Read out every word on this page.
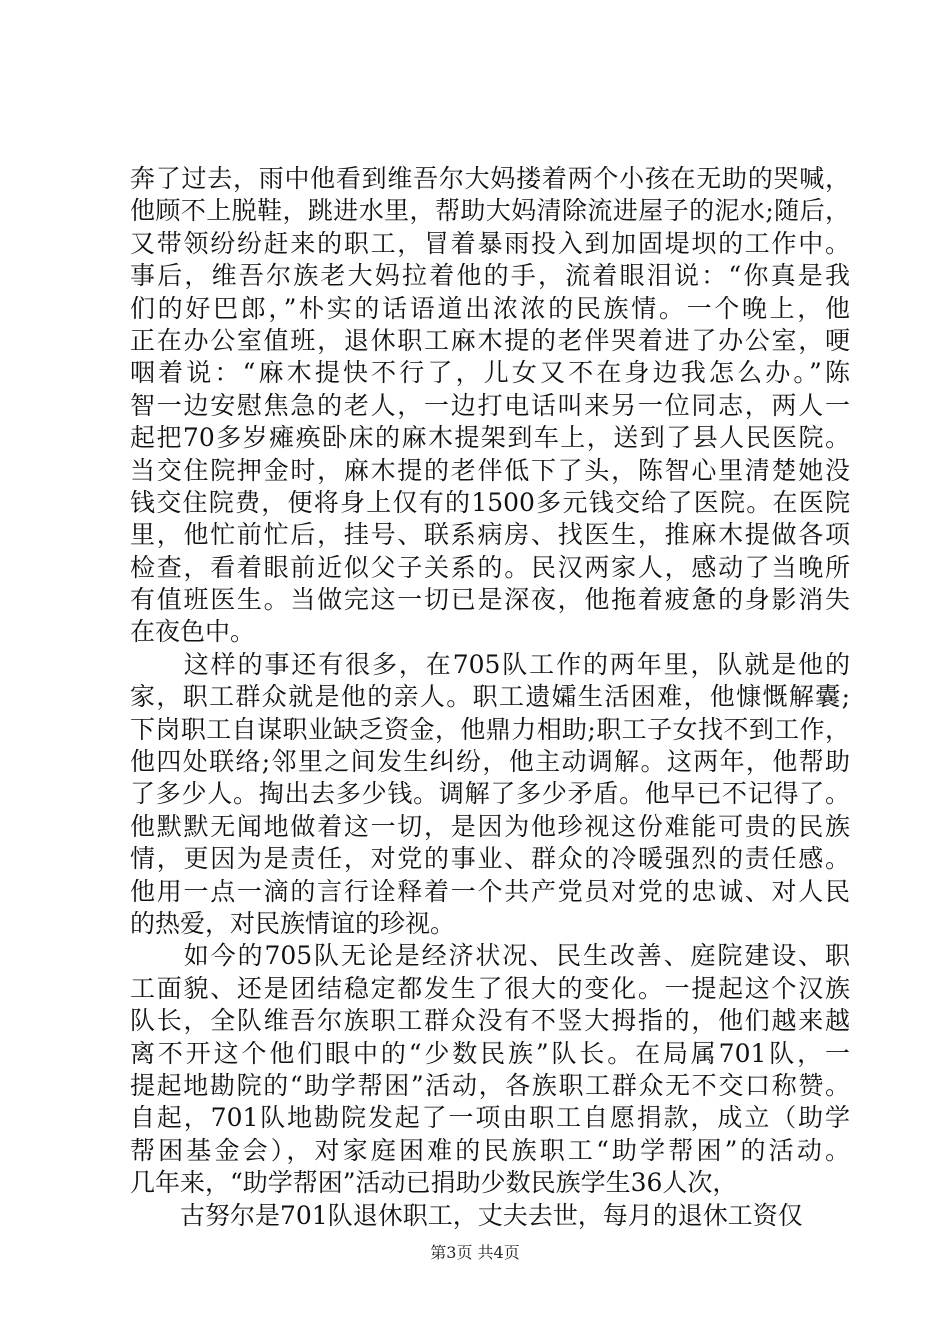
奔了过去，雨中他看到维吾尔大妈搂着两个小孩在无助的哭喊，
他顾不上脱鞋，跳进水里，帮助大妈清除流进屋子的泥水;随后，
又带领纷纷赶来的职工，冒着暴雨投入到加固堤坝的工作中。
事后，维吾尔族老大妈拉着他的手，流着眼泪说：“你真是我
们的好巴郎，”朴实的话语道出浓浓的民族情。一个晚上，他
正在办公室值班，退休职工麻木提的老伴哭着进了办公室，哽
咽着说：“麻木提快不行了，儿女又不在身边我怎么办。”陈
智一边安慰焦急的老人，一边打电话叫来另一位同志，两人一
起把70多岁瘫痪卧床的麻木提架到车上，送到了县人民医院。
当交住院押金时，麻木提的老伴低下了头，陈智心里清楚她没
钱交住院费，便将身上仅有的1500多元钱交给了医院。在医院
里，他忙前忙后，挂号、联系病房、找医生，推麻木提做各项
检查，看着眼前近似父子关系的。民汉两家人，感动了当晚所
有值班医生。当做完这一切已是深夜，他拖着疲惫的身影消失
在夜色中。
　　这样的事还有很多，在705队工作的两年里，队就是他的
家，职工群众就是他的亲人。职工遗孀生活困难，他慷慨解囊;
下岗职工自谋职业缺乏资金，他鼎力相助;职工子女找不到工作，
他四处联络;邻里之间发生纠纷，他主动调解。这两年，他帮助
了多少人。掏出去多少钱。调解了多少矛盾。他早已不记得了。
他默默无闻地做着这一切，是因为他珍视这份难能可贵的民族
情，更因为是责任，对党的事业、群众的冷暖强烈的责任感。
他用一点一滴的言行诠释着一个共产党员对党的忠诚、对人民
的热爱，对民族情谊的珍视。
　　如今的705队无论是经济状况、民生改善、庭院建设、职
工面貌、还是团结稳定都发生了很大的变化。一提起这个汉族
队长，全队维吾尔族职工群众没有不竖大拇指的，他们越来越
离不开这个他们眼中的“少数民族”队长。在局属701队，一
提起地勘院的“助学帮困”活动，各族职工群众无不交口称赞。
自起，701队地勘院发起了一项由职工自愿捐款，成立（助学
帮困基金会），对家庭困难的民族职工“助学帮困”的活动。
几年来，“助学帮困”活动已捐助少数民族学生36人次，
　　古努尔是701队退休职工，丈夫去世，每月的退休工资仅
第3页 共4页
